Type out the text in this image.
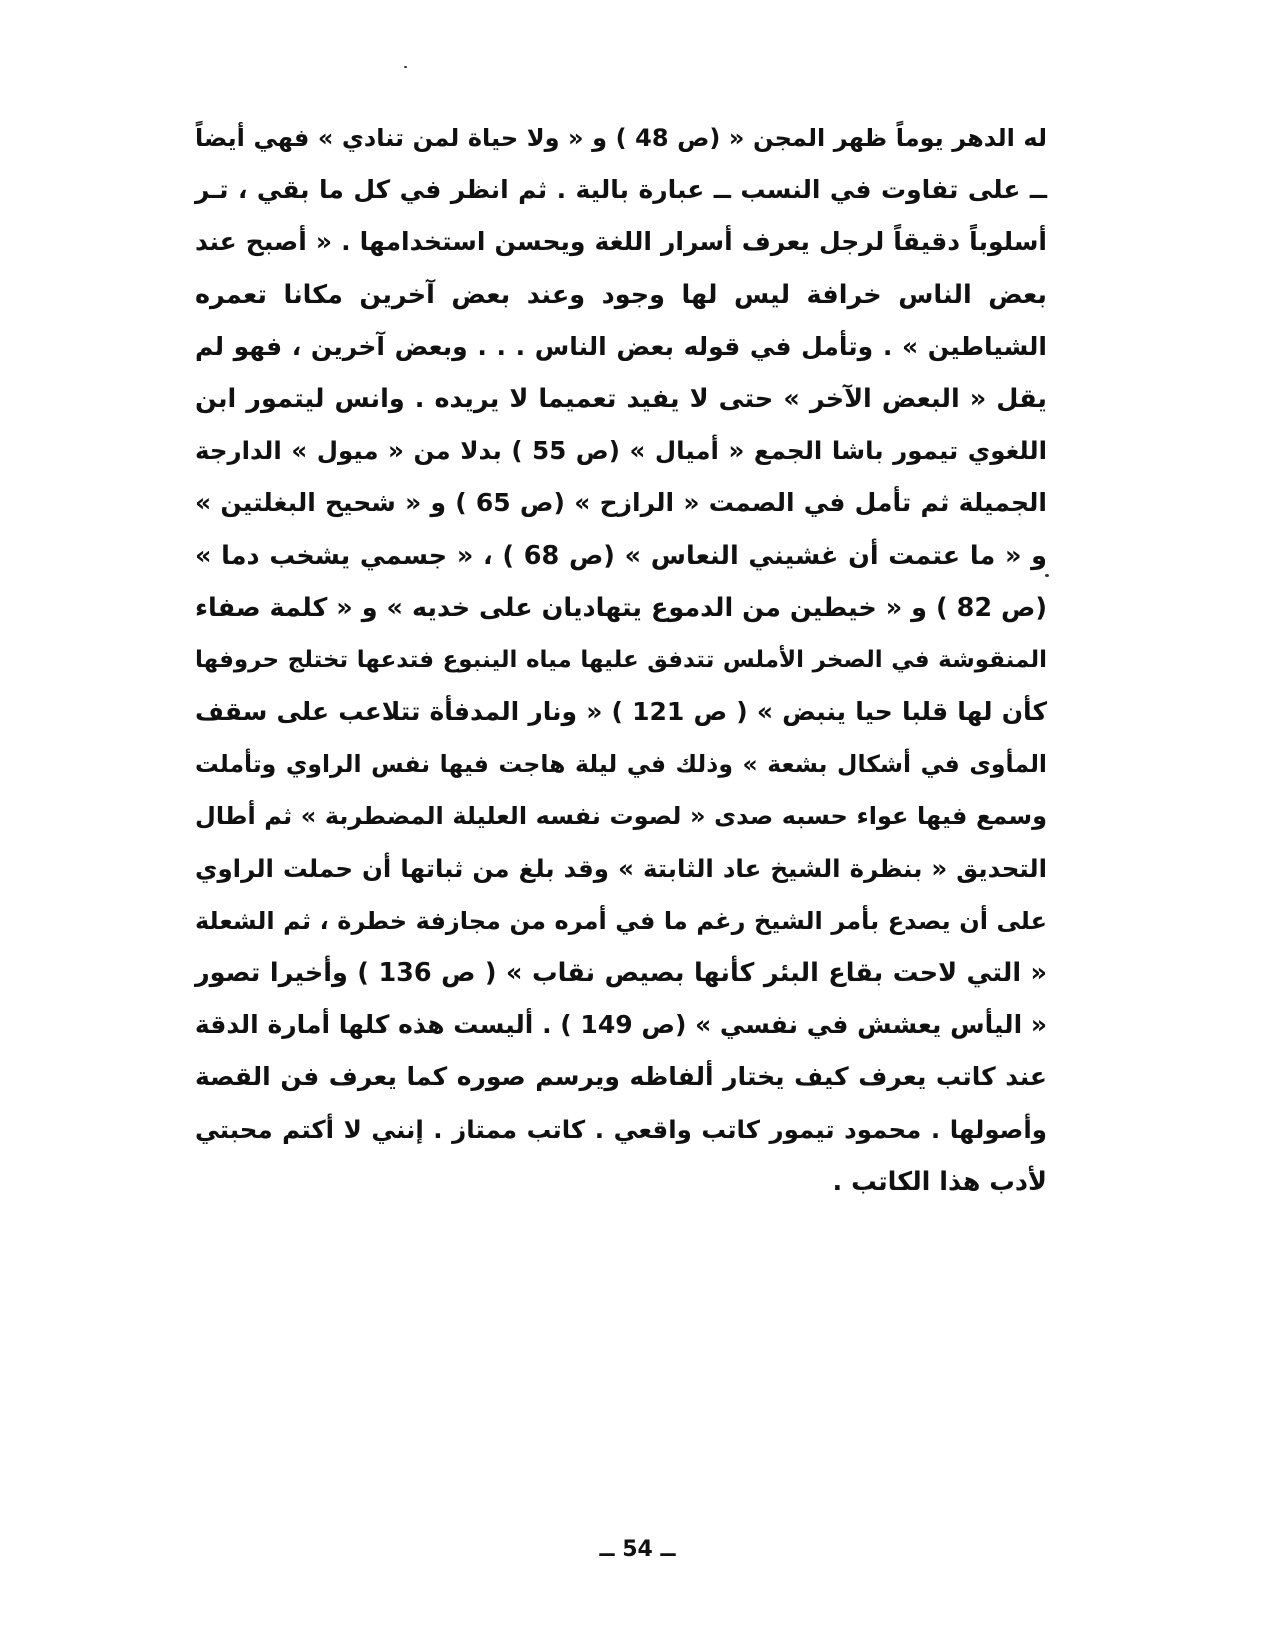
له الدهر يوماً ظهر المجن « (ص 48 ) و « ولا حياة لمن تنادي » فهي أيضاً
ــ على تفاوت في النسب ــ عبارة بالية . ثم انظر في كل ما بقي ، تـر
أسلوباً دقيقاً لرجل يعرف أسرار اللغة ويحسن استخدامها . « أصبح عند
بعض الناس خرافة ليس لها وجود وعند بعض آخرين مكانا تعمره
الشياطين » . وتأمل في قوله بعض الناس . . . وبعض آخرين ، فهو لم
يقل « البعض الآخر » حتى لا يفيد تعميما لا يريده . وانس ليتمور ابن
اللغوي تيمور باشا الجمع « أميال » (ص 55 ) بدلا من « ميول » الدارجة
الجميلة ثم تأمل في الصمت « الرازح » (ص 65 ) و « شحيح البغلتين »
و « ما عتمت أن غشيني النعاس » (ص 68 ) ، « جسمي يشخب دما »
(ص 82 ) و « خيطين من الدموع يتهاديان على خديه » و « كلمة صفاء
المنقوشة في الصخر الأملس تتدفق عليها مياه الينبوع فتدعها تختلج حروفها
كأن لها قلبا حيا ينبض » ( ص 121 ) « ونار المدفأة تتلاعب على سقف
المأوى في أشكال بشعة » وذلك في ليلة هاجت فيها نفس الراوي وتأملت
وسمع فيها عواء حسبه صدى « لصوت نفسه العليلة المضطربة » ثم أطال
التحديق « بنظرة الشيخ عاد الثابتة » وقد بلغ من ثباتها أن حملت الراوي
على أن يصدع بأمر الشيخ رغم ما في أمره من مجازفة خطرة ، ثم الشعلة
« التي لاحت بقاع البئر كأنها بصيص نقاب » ( ص 136 ) وأخيرا تصور
« اليأس يعشش في نفسي » (ص 149 ) . أليست هذه كلها أمارة الدقة
عند كاتب يعرف كيف يختار ألفاظه ويرسم صوره كما يعرف فن القصة
وأصولها . محمود تيمور كاتب واقعي . كاتب ممتاز . إنني لا أكتم محبتي
لأدب هذا الكاتب .
ــ 54 ــ
